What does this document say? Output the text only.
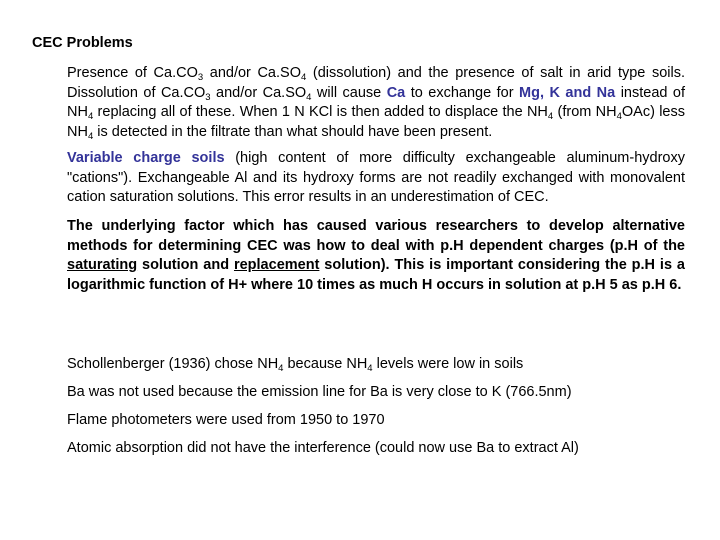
CEC Problems
Presence of $Ca.CO_3$ and/or $Ca.SO_4$ (dissolution) and the presence of salt in arid type soils. Dissolution of $Ca.CO_3$ and/or $Ca.SO_4$ will cause Ca to exchange for Mg, K and Na instead of $NH_4$ replacing all of these. When 1 N KCl is then added to displace the $NH_4$ (from $NH_4OAc$) less $NH_4$ is detected in the filtrate than what should have been present.
Variable charge soils (high content of more difficulty exchangeable aluminum-hydroxy "cations"). Exchangeable Al and its hydroxy forms are not readily exchanged with monovalent cation saturation solutions. This error results in an underestimation of CEC.
The underlying factor which has caused various researchers to develop alternative methods for determining CEC was how to deal with p.H dependent charges (p.H of the saturating solution and replacement solution). This is important considering the p.H is a logarithmic function of H+ where 10 times as much H occurs in solution at p.H 5 as p.H 6.
Schollenberger (1936) chose $NH_4$ because $NH_4$ levels were low in soils
Ba was not used because the emission line for Ba is very close to K (766.5nm)
Flame photometers were used from 1950 to 1970
Atomic absorption did not have the interference (could now use Ba to extract Al)
